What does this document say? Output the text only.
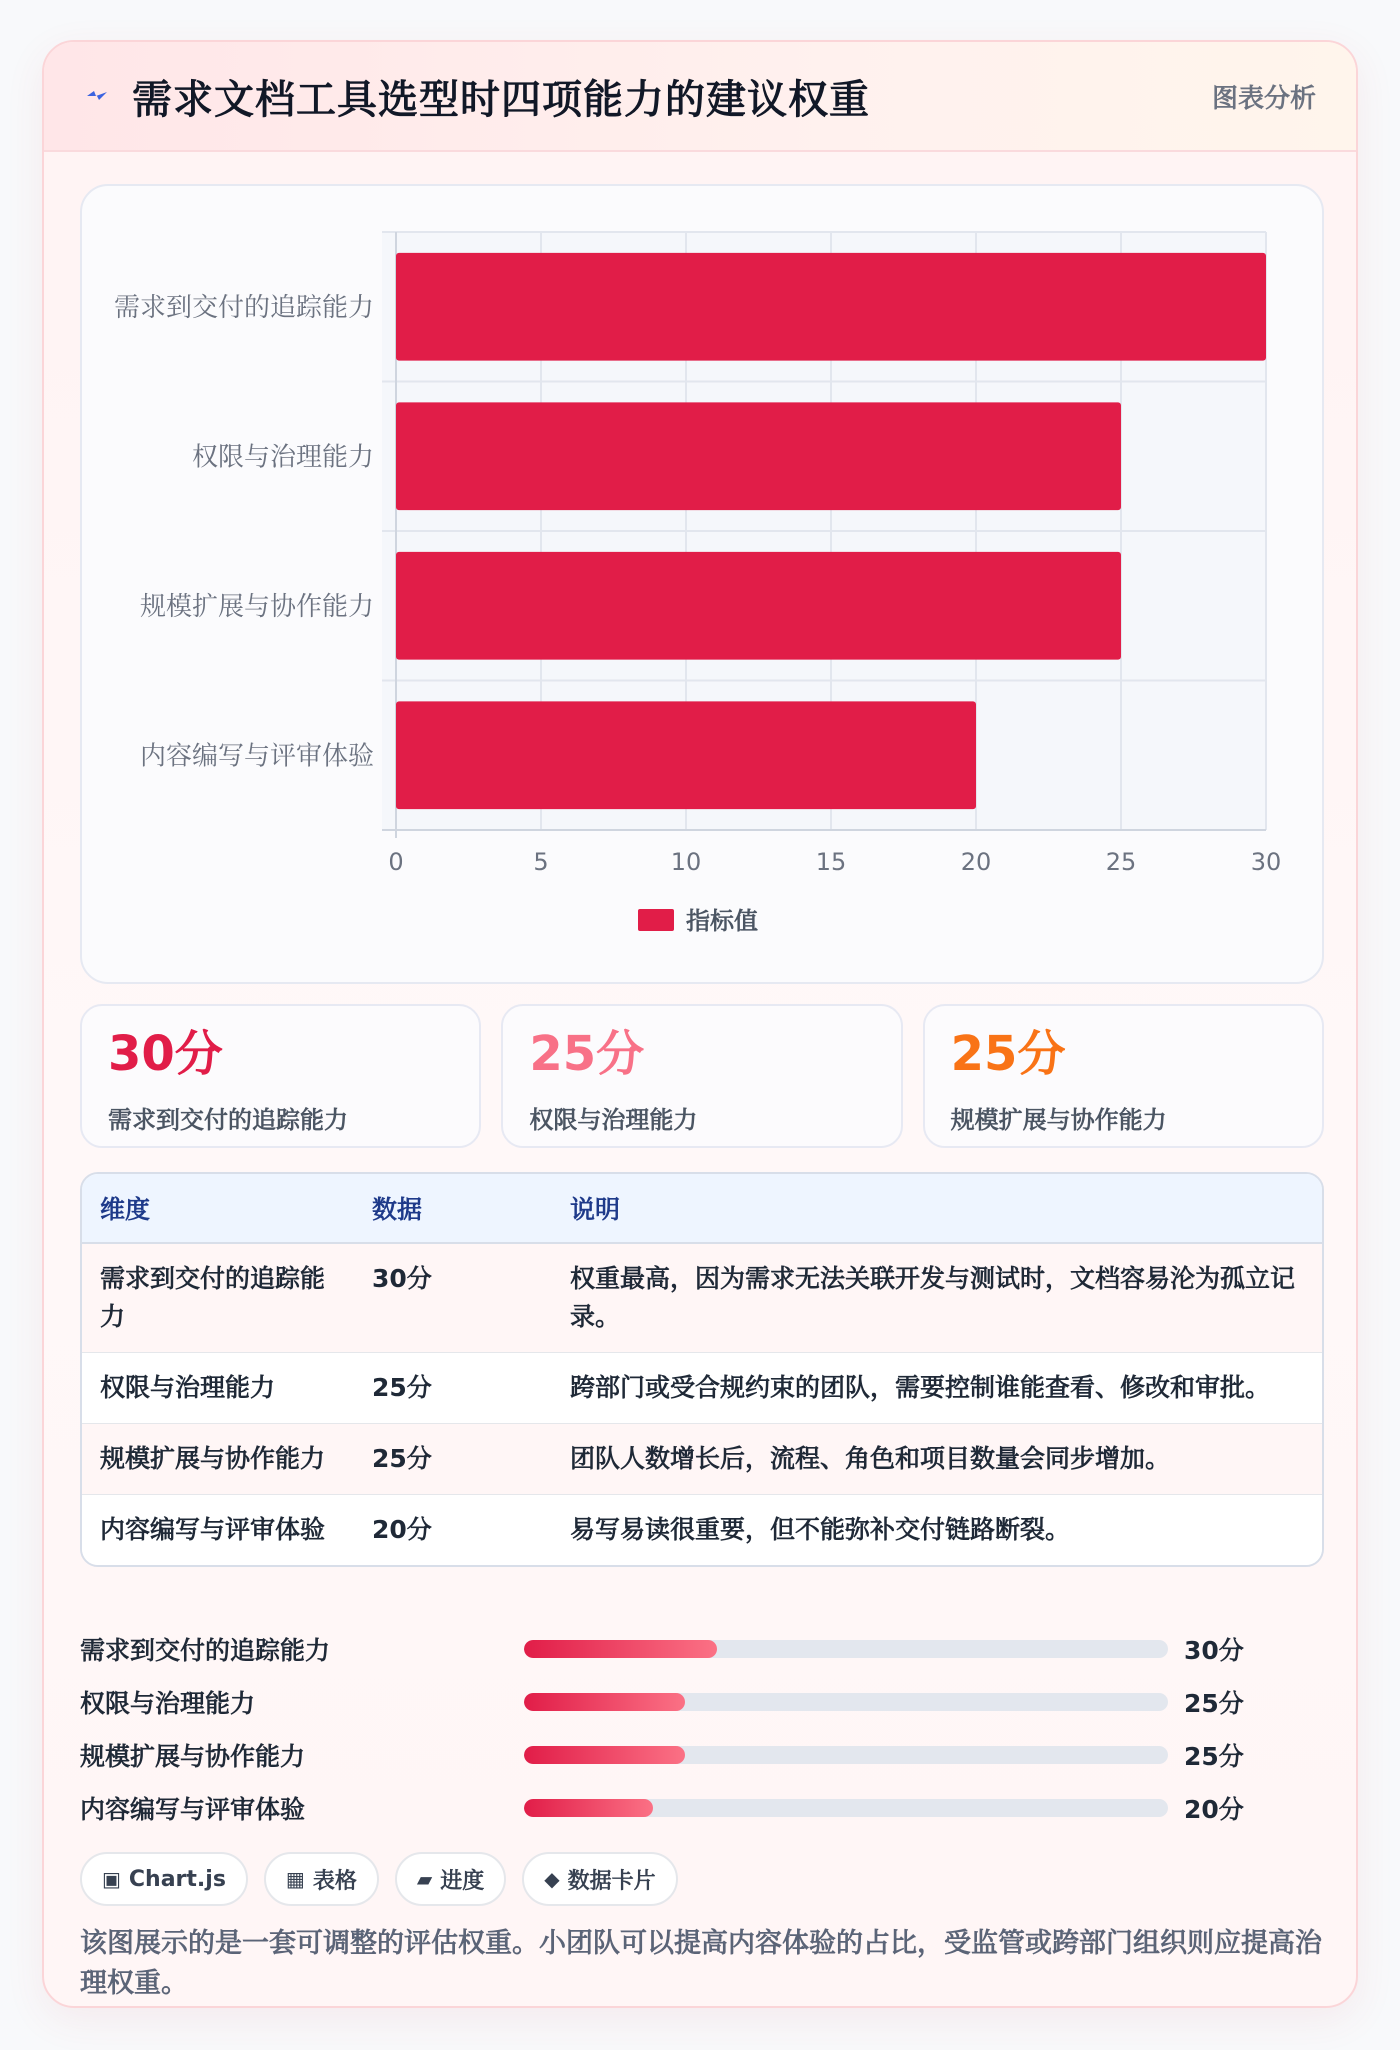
需求文档工具选型时四项能力的建议权重	图表分析
0	5	10	15	20	25	30
需求到交付的追踪能力
权限与治理能力
规模扩展与协作能力
内容编写与评审体验
指标值
30分
需求到交付的追踪能力
25分
权限与治理能力
25分
规模扩展与协作能力
维度	数据	说明
需求到交付的追踪能力	30分	权重最高，因为需求无法关联开发与测试时，文档容易沦为孤立记录。
权限与治理能力	25分	跨部门或受合规约束的团队，需要控制谁能查看、修改和审批。
规模扩展与协作能力	25分	团队人数增长后，流程、角色和项目数量会同步增加。
内容编写与评审体验	20分	易写易读很重要，但不能弥补交付链路断裂。
需求到交付的追踪能力	30分
权限与治理能力	25分
规模扩展与协作能力	25分
内容编写与评审体验	20分
▣ Chart.js	▦ 表格	▰ 进度	◆ 数据卡片
该图展示的是一套可调整的评估权重。小团队可以提高内容体验的占比，受监管或跨部门组织则应提高治理权重。
